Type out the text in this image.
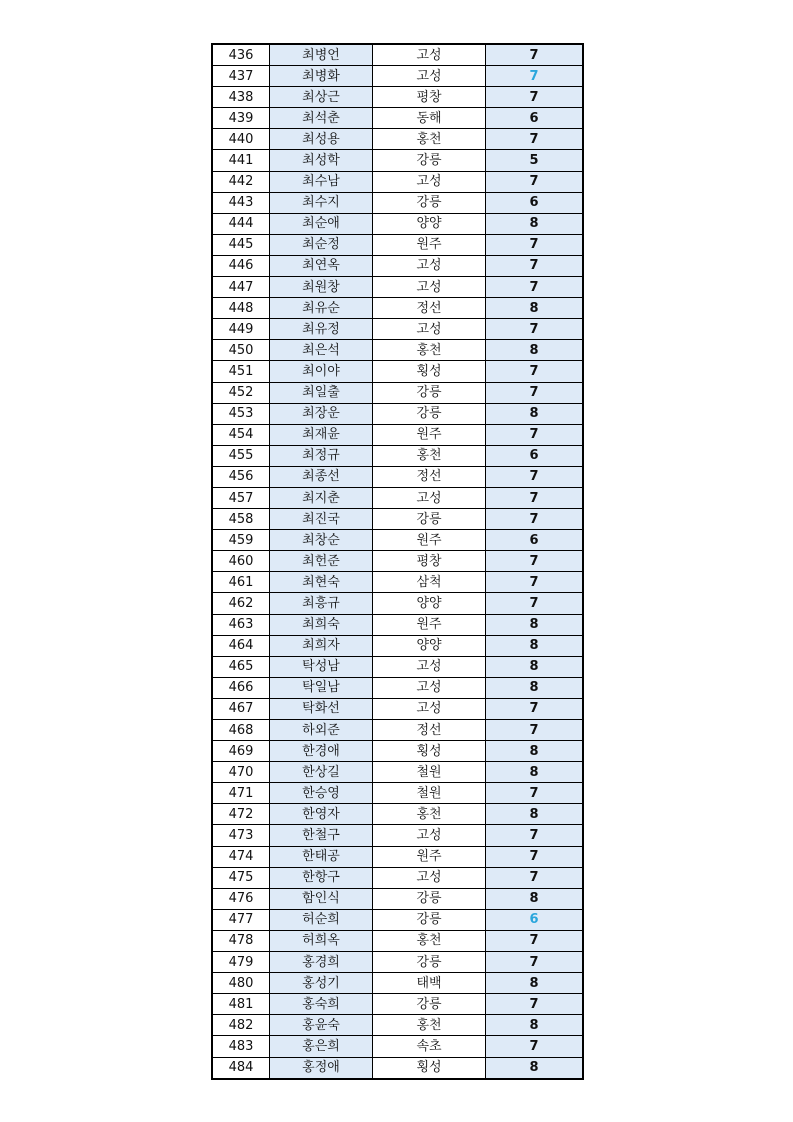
436	최병언	고성	7
437	최병화	고성	7
438	최상근	평창	7
439	최석춘	동해	6
440	최성용	홍천	7
441	최성학	강릉	5
442	최수남	고성	7
443	최수지	강릉	6
444	최순애	양양	8
445	최순정	원주	7
446	최연옥	고성	7
447	최원창	고성	7
448	최유순	정선	8
449	최유정	고성	7
450	최은석	홍천	8
451	최이야	횡성	7
452	최일출	강릉	7
453	최장운	강릉	8
454	최재윤	원주	7
455	최정규	홍천	6
456	최종선	정선	7
457	최지춘	고성	7
458	최진국	강릉	7
459	최창순	원주	6
460	최헌준	평창	7
461	최현숙	삼척	7
462	최흥규	양양	7
463	최희숙	원주	8
464	최희자	양양	8
465	탁성남	고성	8
466	탁일남	고성	8
467	탁화선	고성	7
468	하외준	정선	7
469	한경애	횡성	8
470	한상길	철원	8
471	한승영	철원	7
472	한영자	홍천	8
473	한철구	고성	7
474	한태공	원주	7
475	한항구	고성	7
476	함인식	강릉	8
477	허순희	강릉	6
478	허희옥	홍천	7
479	홍경희	강릉	7
480	홍성기	태백	8
481	홍숙희	강릉	7
482	홍윤숙	홍천	8
483	홍은희	속초	7
484	홍정애	횡성	8
